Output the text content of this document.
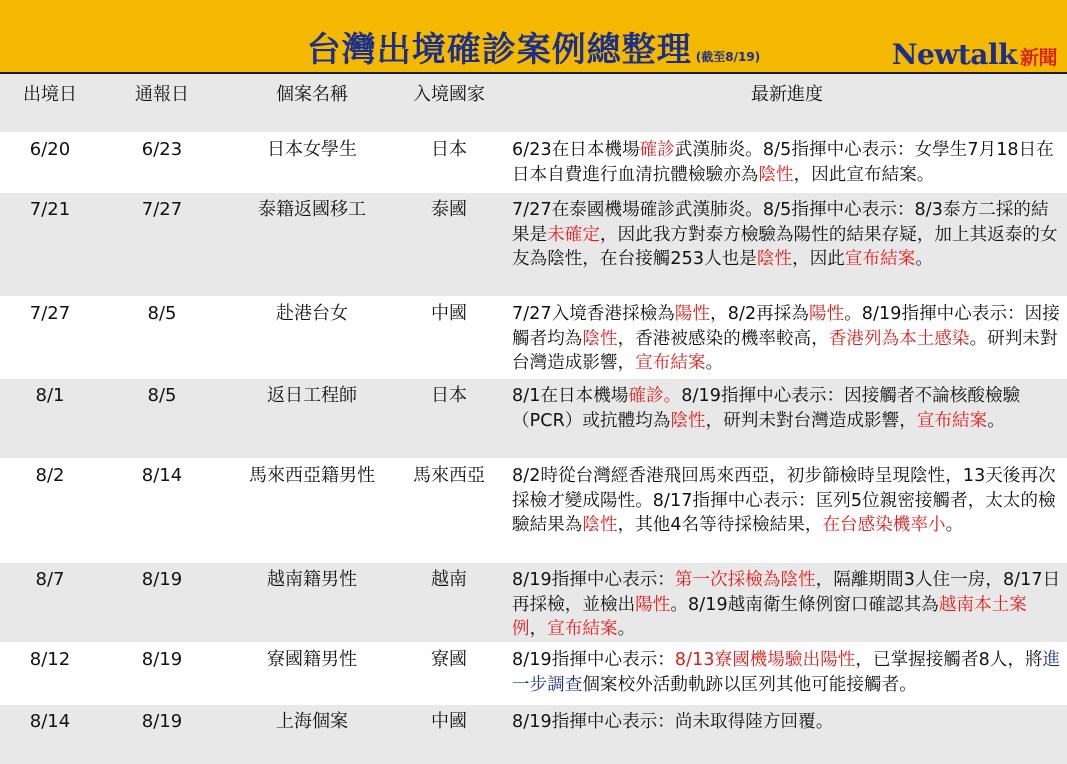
台灣出境確診案例總整理 (截至8/19)	Newtalk 新聞
出境日	通報日	個案名稱	入境國家	最新進度
6/20	6/23	日本女學生	日本	6/23在日本機場確診武漢肺炎。8/5指揮中心表示：女學生7月18日在日本自費進行血清抗體檢驗亦為陰性，因此宣布結案。
7/21	7/27	泰籍返國移工	泰國	7/27在泰國機場確診武漢肺炎。8/5指揮中心表示：8/3泰方二採的結果是未確定，因此我方對泰方檢驗為陽性的結果存疑，加上其返泰的女友為陰性，在台接觸253人也是陰性，因此宣布結案。
7/27	8/5	赴港台女	中國	7/27入境香港採檢為陽性，8/2再採為陽性。8/19指揮中心表示：因接觸者均為陰性，香港被感染的機率較高，香港列為本土感染。研判未對台灣造成影響，宣布結案。
8/1	8/5	返日工程師	日本	8/1在日本機場確診。8/19指揮中心表示：因接觸者不論核酸檢驗（PCR）或抗體均為陰性，研判未對台灣造成影響，宣布結案。
8/2	8/14	馬來西亞籍男性	馬來西亞	8/2時從台灣經香港飛回馬來西亞，初步篩檢時呈現陰性，13天後再次採檢才變成陽性。8/17指揮中心表示：匡列5位親密接觸者，太太的檢驗結果為陰性，其他4名等待採檢結果，在台感染機率小。
8/7	8/19	越南籍男性	越南	8/19指揮中心表示：第一次採檢為陰性，隔離期間3人住一房，8/17日再採檢，並檢出陽性。8/19越南衛生條例窗口確認其為越南本土案例，宣布結案。
8/12	8/19	寮國籍男性	寮國	8/19指揮中心表示：8/13寮國機場驗出陽性，已掌握接觸者8人，將進一步調查個案校外活動軌跡以匡列其他可能接觸者。
8/14	8/19	上海個案	中國	8/19指揮中心表示：尚未取得陸方回覆。
